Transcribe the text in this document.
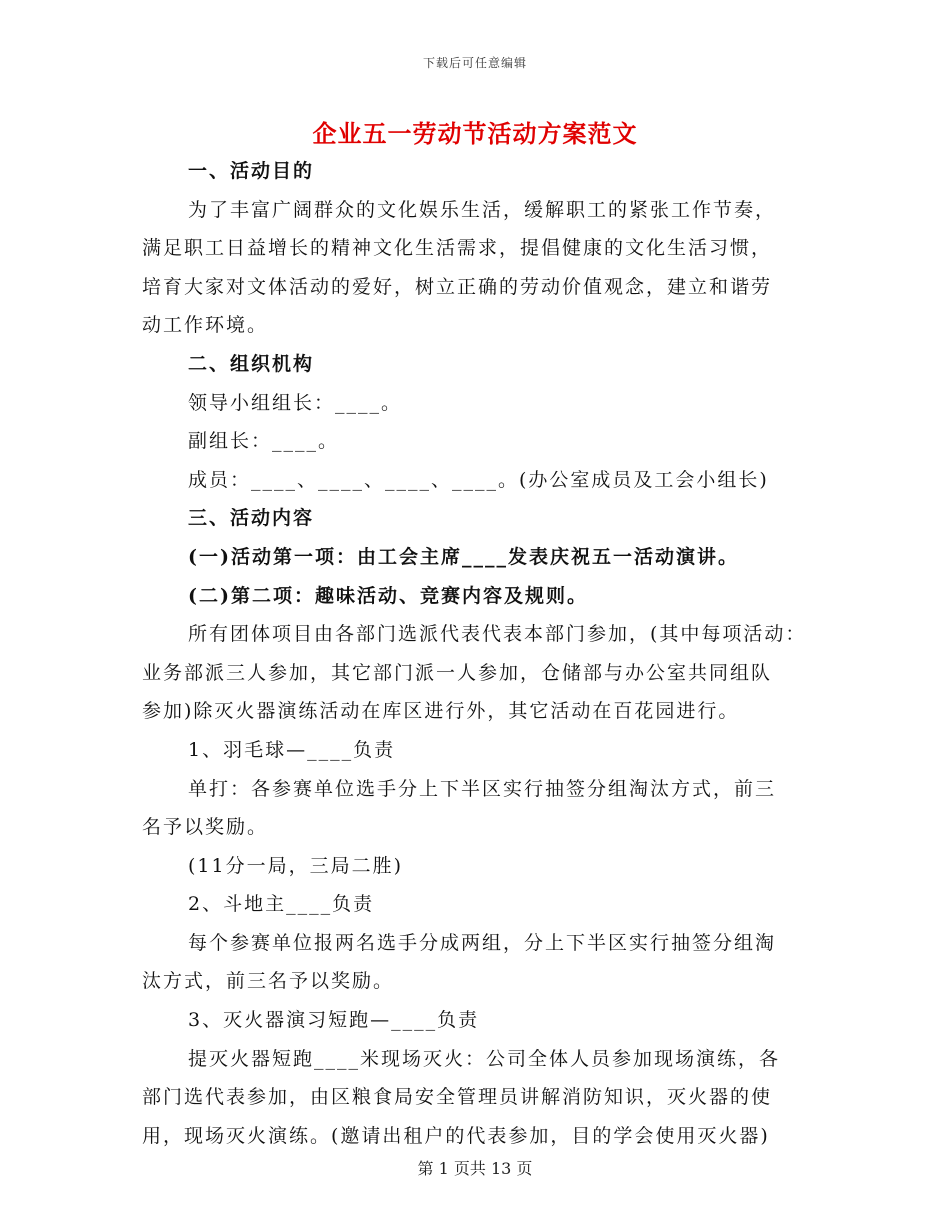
下载后可任意编辑
企业五一劳动节活动方案范文
一、活动目的
为了丰富广阔群众的文化娱乐生活，缓解职工的紧张工作节奏，
满足职工日益增长的精神文化生活需求，提倡健康的文化生活习惯，
培育大家对文体活动的爱好，树立正确的劳动价值观念，建立和谐劳
动工作环境。
二、组织机构
领导小组组长：____。
副组长：____。
成员：____、____、____、____。(办公室成员及工会小组长)
三、活动内容
(一)活动第一项：由工会主席____发表庆祝五一活动演讲。
(二)第二项：趣味活动、竞赛内容及规则。
所有团体项目由各部门选派代表代表本部门参加，(其中每项活动：
业务部派三人参加，其它部门派一人参加，仓储部与办公室共同组队
参加)除灭火器演练活动在库区进行外，其它活动在百花园进行。
1、羽毛球—____负责
单打：各参赛单位选手分上下半区实行抽签分组淘汰方式，前三
名予以奖励。
(11分一局，三局二胜)
2、斗地主____负责
每个参赛单位报两名选手分成两组，分上下半区实行抽签分组淘
汰方式，前三名予以奖励。
3、灭火器演习短跑—____负责
提灭火器短跑____米现场灭火：公司全体人员参加现场演练，各
部门选代表参加，由区粮食局安全管理员讲解消防知识，灭火器的使
用，现场灭火演练。(邀请出租户的代表参加，目的学会使用灭火器)
第 1 页共 13 页
